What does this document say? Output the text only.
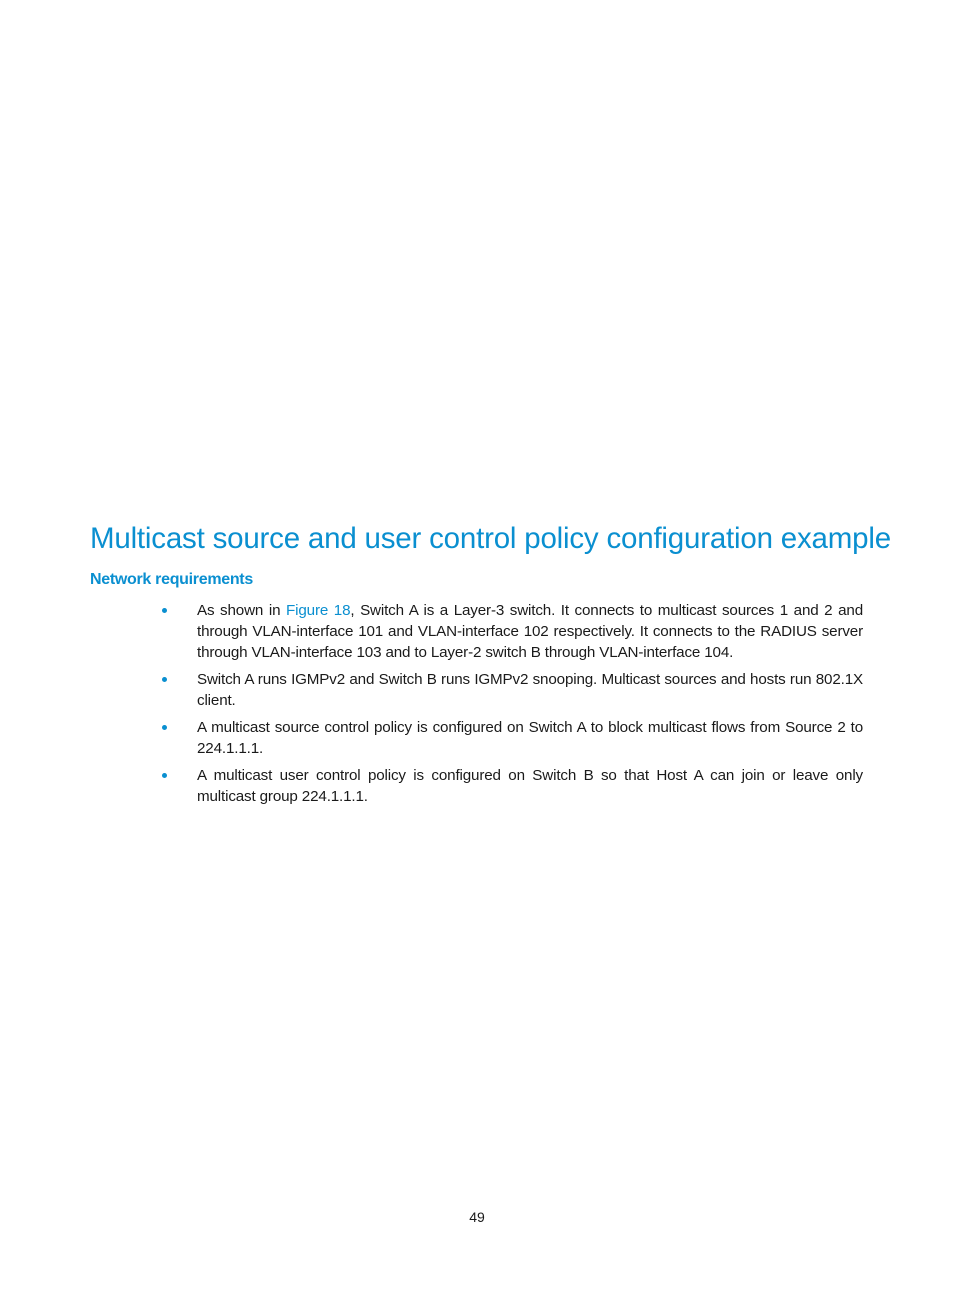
Multicast source and user control policy configuration example
Network requirements
As shown in Figure 18, Switch A is a Layer-3 switch. It connects to multicast sources 1 and 2 and through VLAN-interface 101 and VLAN-interface 102 respectively. It connects to the RADIUS server through VLAN-interface 103 and to Layer-2 switch B through VLAN-interface 104.
Switch A runs IGMPv2 and Switch B runs IGMPv2 snooping. Multicast sources and hosts run 802.1X client.
A multicast source control policy is configured on Switch A to block multicast flows from Source 2 to 224.1.1.1.
A multicast user control policy is configured on Switch B so that Host A can join or leave only multicast group 224.1.1.1.
49
